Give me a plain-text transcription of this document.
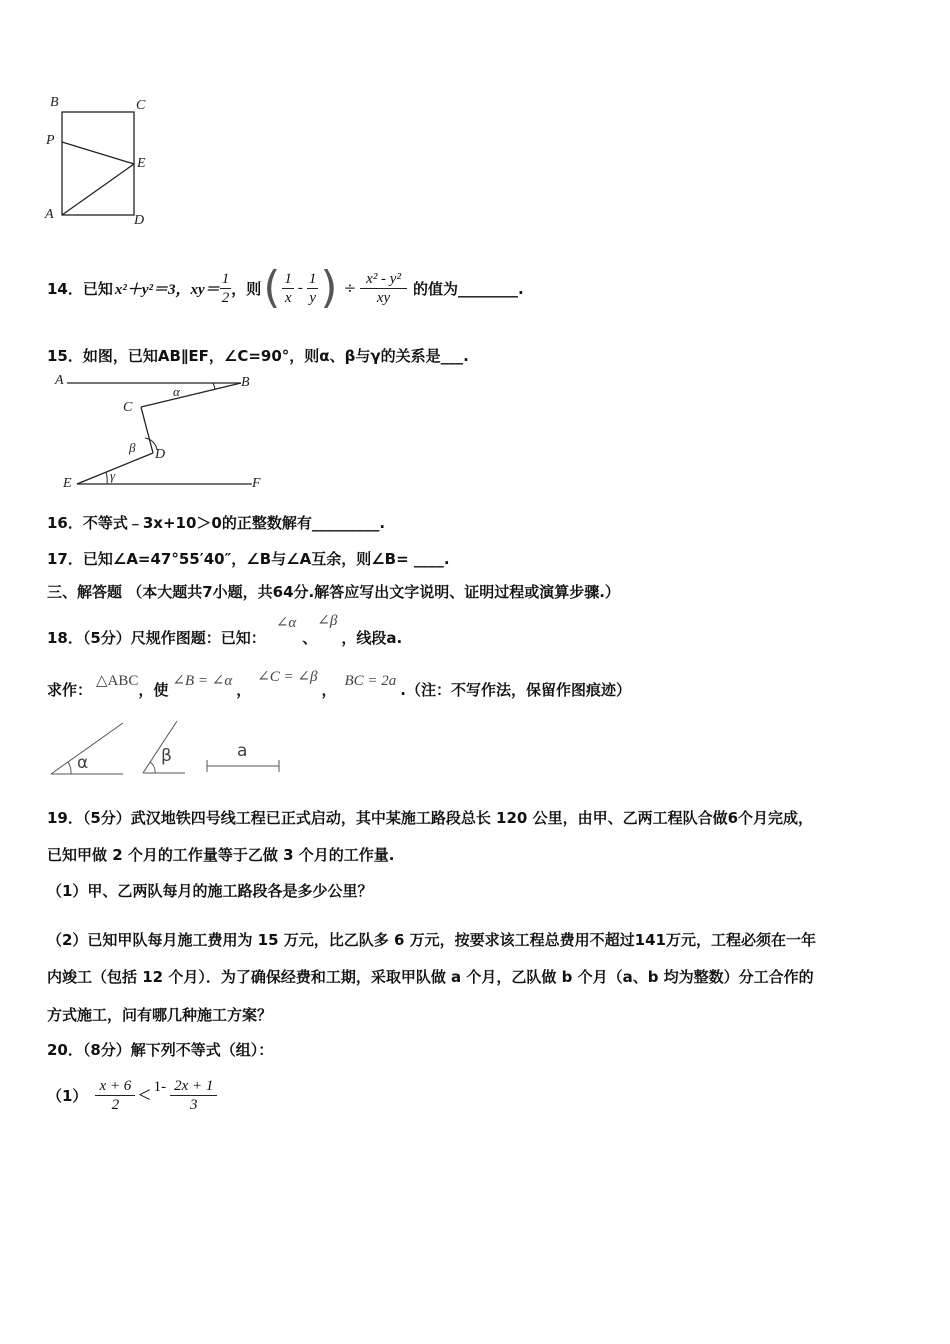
B	C
P
E
A	D
14． 已知 x²＋y²＝3， $xy= \frac{1}{2}$ ，则 ( $\frac{1}{x} - \frac{1}{y}$ ) ÷ $\frac{\text{x² - y²}}{xy}$ 的值为________.
15．如图，已知AB∥EF，∠C=90°，则α、β与γ的关系是___.
A	B
C
D
E	F
α
β
γ
16．不等式﹣3x+10＞0的正整数解有_________.
17．已知∠A=47°55′40″，∠B与∠A互余，则∠B= ____.
三、解答题 （本大题共7小题，共64分.解答应写出文字说明、证明过程或演算步骤.）
18．（5分）尺规作图题：已知：
∠α
、
∠β
，线段a.
求作： △ABC ，使 ∠B = ∠α ，
∠C = ∠β
， BC = 2a .（注：不写作法，保留作图痕迹）
α	β	a
19．（5分）武汉地铁四号线工程已正式启动，其中某施工路段总长 120 公里，由甲、乙两工程队合做6个月完成，
已知甲做 2 个月的工作量等于乙做 3 个月的工作量.
（1）甲、乙两队每月的施工路段各是多少公里？
（2）已知甲队每月施工费用为 15 万元，比乙队多 6 万元，按要求该工程总费用不超过141万元，工程必须在一年
内竣工（包括 12 个月）．为了确保经费和工期，采取甲队做 a 个月，乙队做 b 个月（a、b 均为整数）分工合作的
方式施工，问有哪几种施工方案？
20．（8分）解下列不等式（组）：
$(1) \frac{x + 6}{2} < 1- \frac{2x + 1}{3}$
